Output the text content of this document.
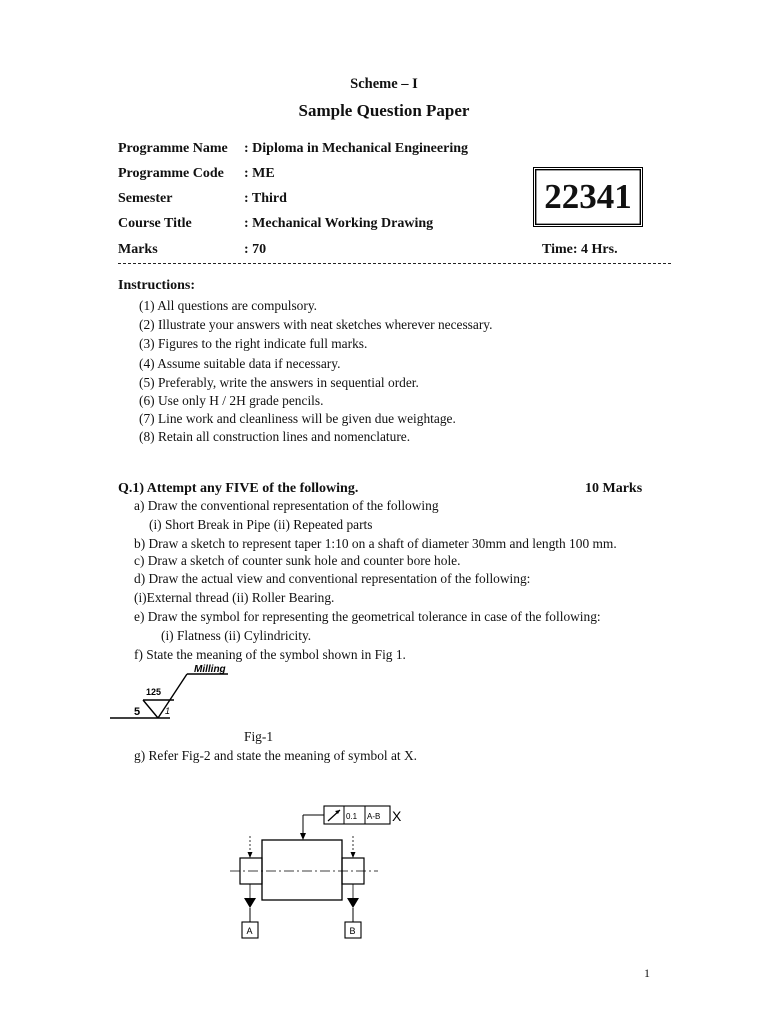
Scheme – I
Sample Question Paper
Programme Name : Diploma in Mechanical Engineering
Programme Code : ME
Semester	: Third
Course Title	: Mechanical Working Drawing
Marks	: 70
22341
Time: 4 Hrs.
Instructions:
(1) All questions are compulsory.
(2) Illustrate your answers with neat sketches wherever necessary.
(3) Figures to the right indicate full marks.
(4) Assume suitable data if necessary.
(5) Preferably, write the answers in sequential order.
(6) Use only H / 2H grade pencils.
(7) Line work and cleanliness will be given due weightage.
(8) Retain all construction lines and nomenclature.
Q.1) Attempt any FIVE of the following.	10 Marks
a) Draw the conventional representation of the following
(i) Short Break in Pipe (ii) Repeated parts
b) Draw a sketch to represent taper 1:10 on a shaft of diameter 30mm and length 100 mm.
c) Draw a sketch of counter sunk hole and counter bore hole.
d) Draw the actual view and conventional representation of the following:
(i)External thread (ii) Roller Bearing.
e) Draw the symbol for representing the geometrical tolerance in case of the following:
(i) Flatness (ii) Cylindricity.
f) State the meaning of the symbol shown in Fig 1.
Milling
125
5	1
Fig-1
g) Refer Fig-2 and state the meaning of symbol at X.
0.1 A-B X
A	B
1
